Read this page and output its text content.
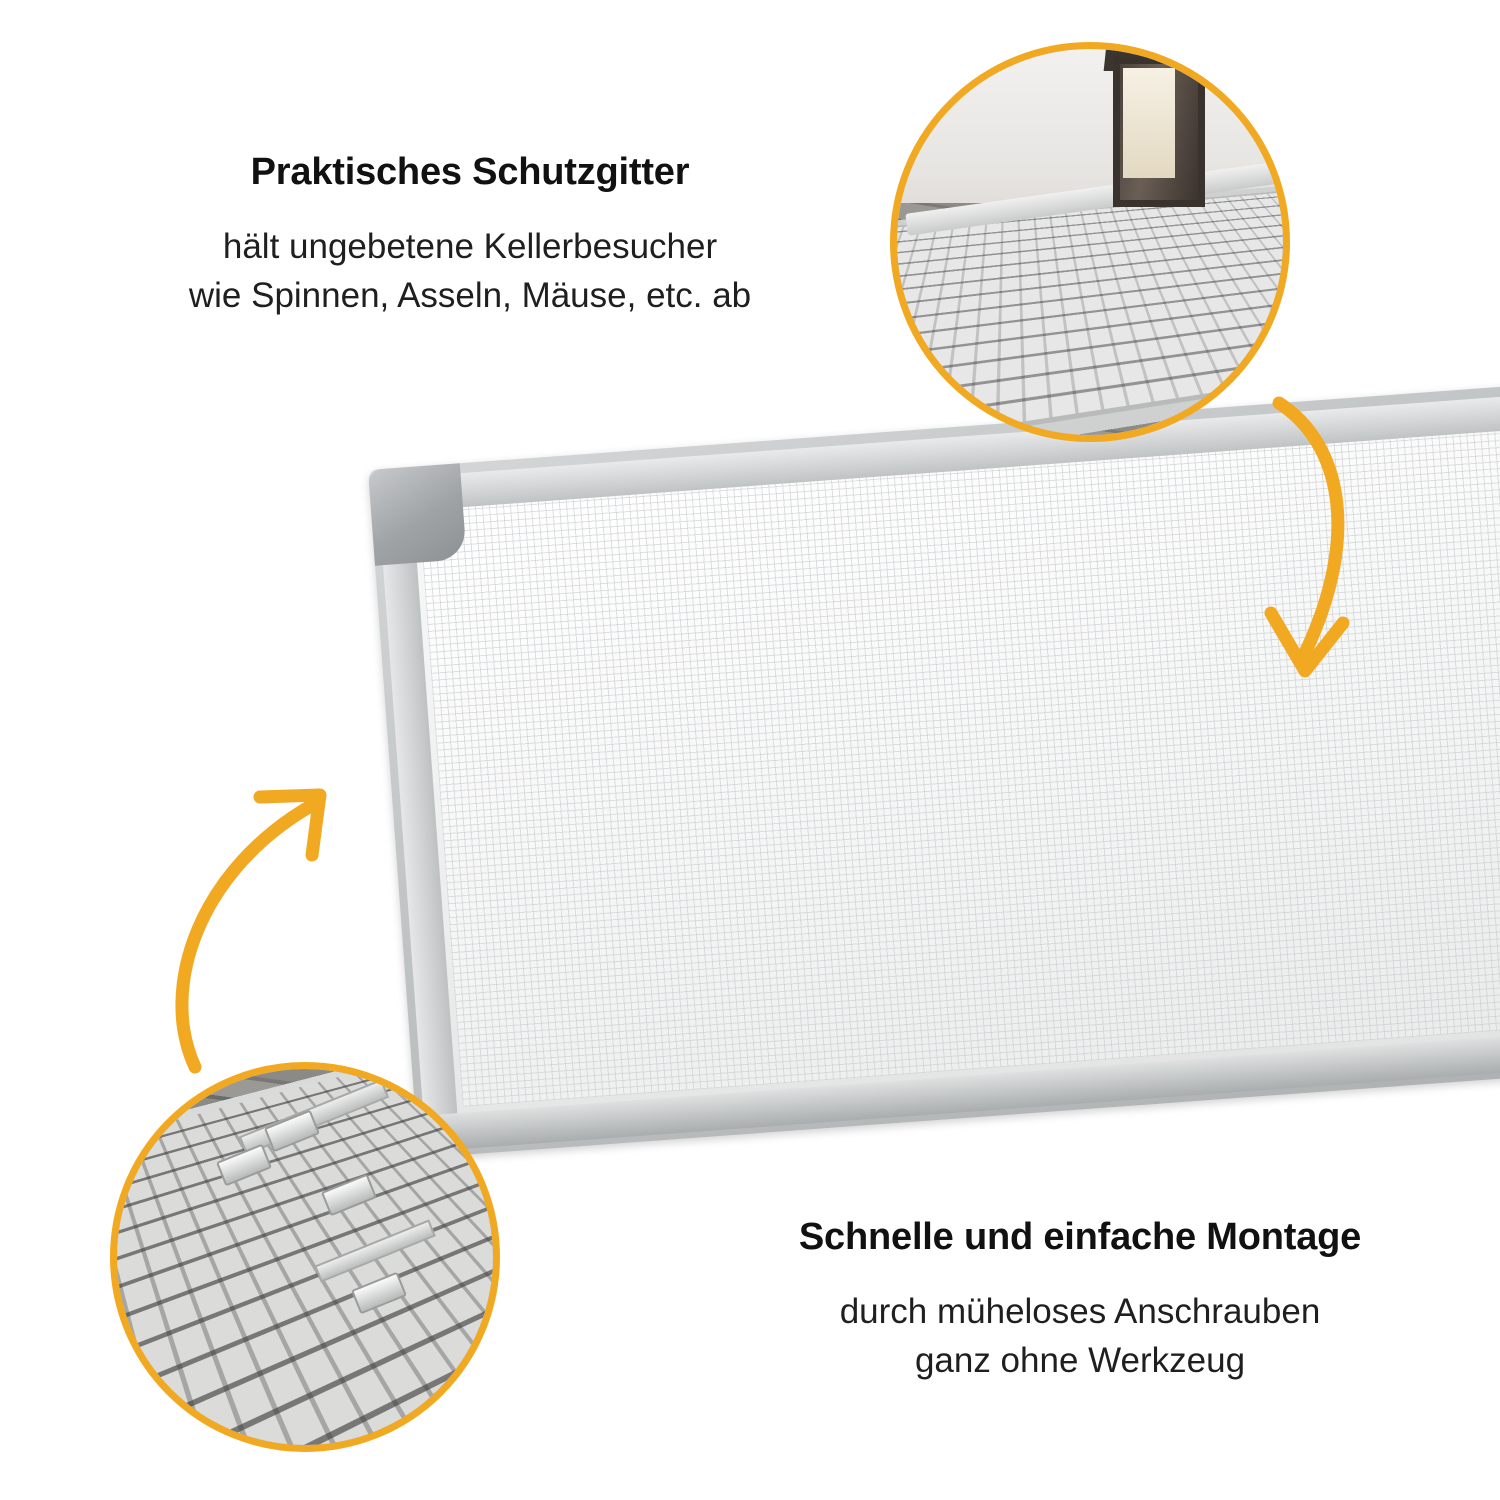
Praktisches Schutzgitter
hält ungebetene Kellerbesucher
wie Spinnen, Asseln, Mäuse, etc. ab
Schnelle und einfache Montage
durch müheloses Anschrauben
ganz ohne Werkzeug
